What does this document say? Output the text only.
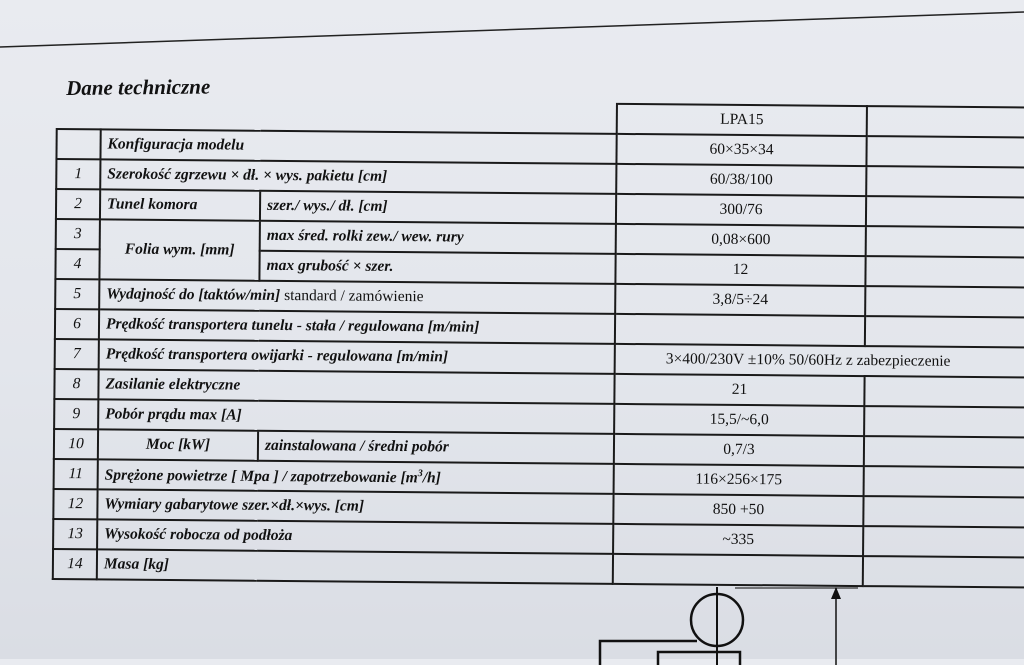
Dane techniczne
			LPA15	
	Konfiguracja modelu		60×35×34	
1	Szerokość zgrzewu × dł. × wys. pakietu [cm]		60/38/100	
2	Tunel komora	szer./ wys./ dł. [cm]	300/76	
3	Folia wym. [mm]	max śred. rolki zew./ wew. rury	0,08×600	
4		max grubość × szer.	12	
5	Wydajność do [taktów/min] standard / zamówienie		3,8/5÷24	
6	Prędkość transportera tunelu - stała / regulowana [m/min]			
7	Prędkość transportera owijarki - regulowana [m/min]		3×400/230V ±10% 50/60Hz z zabezpieczenie	
8	Zasilanie elektryczne		21	
9	Pobór prądu max [A]		15,5/~6,0	
10	Moc [kW]	zainstalowana / średni pobór	0,7/3	
11	Sprężone powietrze [ Mpa ] / zapotrzebowanie $[m^3/h]$		116×256×175	
12	Wymiary gabarytowe szer.×dł.×wys. [cm]		850 +50	
13	Wysokość robocza od podłoża		~335	
14	Masa [kg]			
